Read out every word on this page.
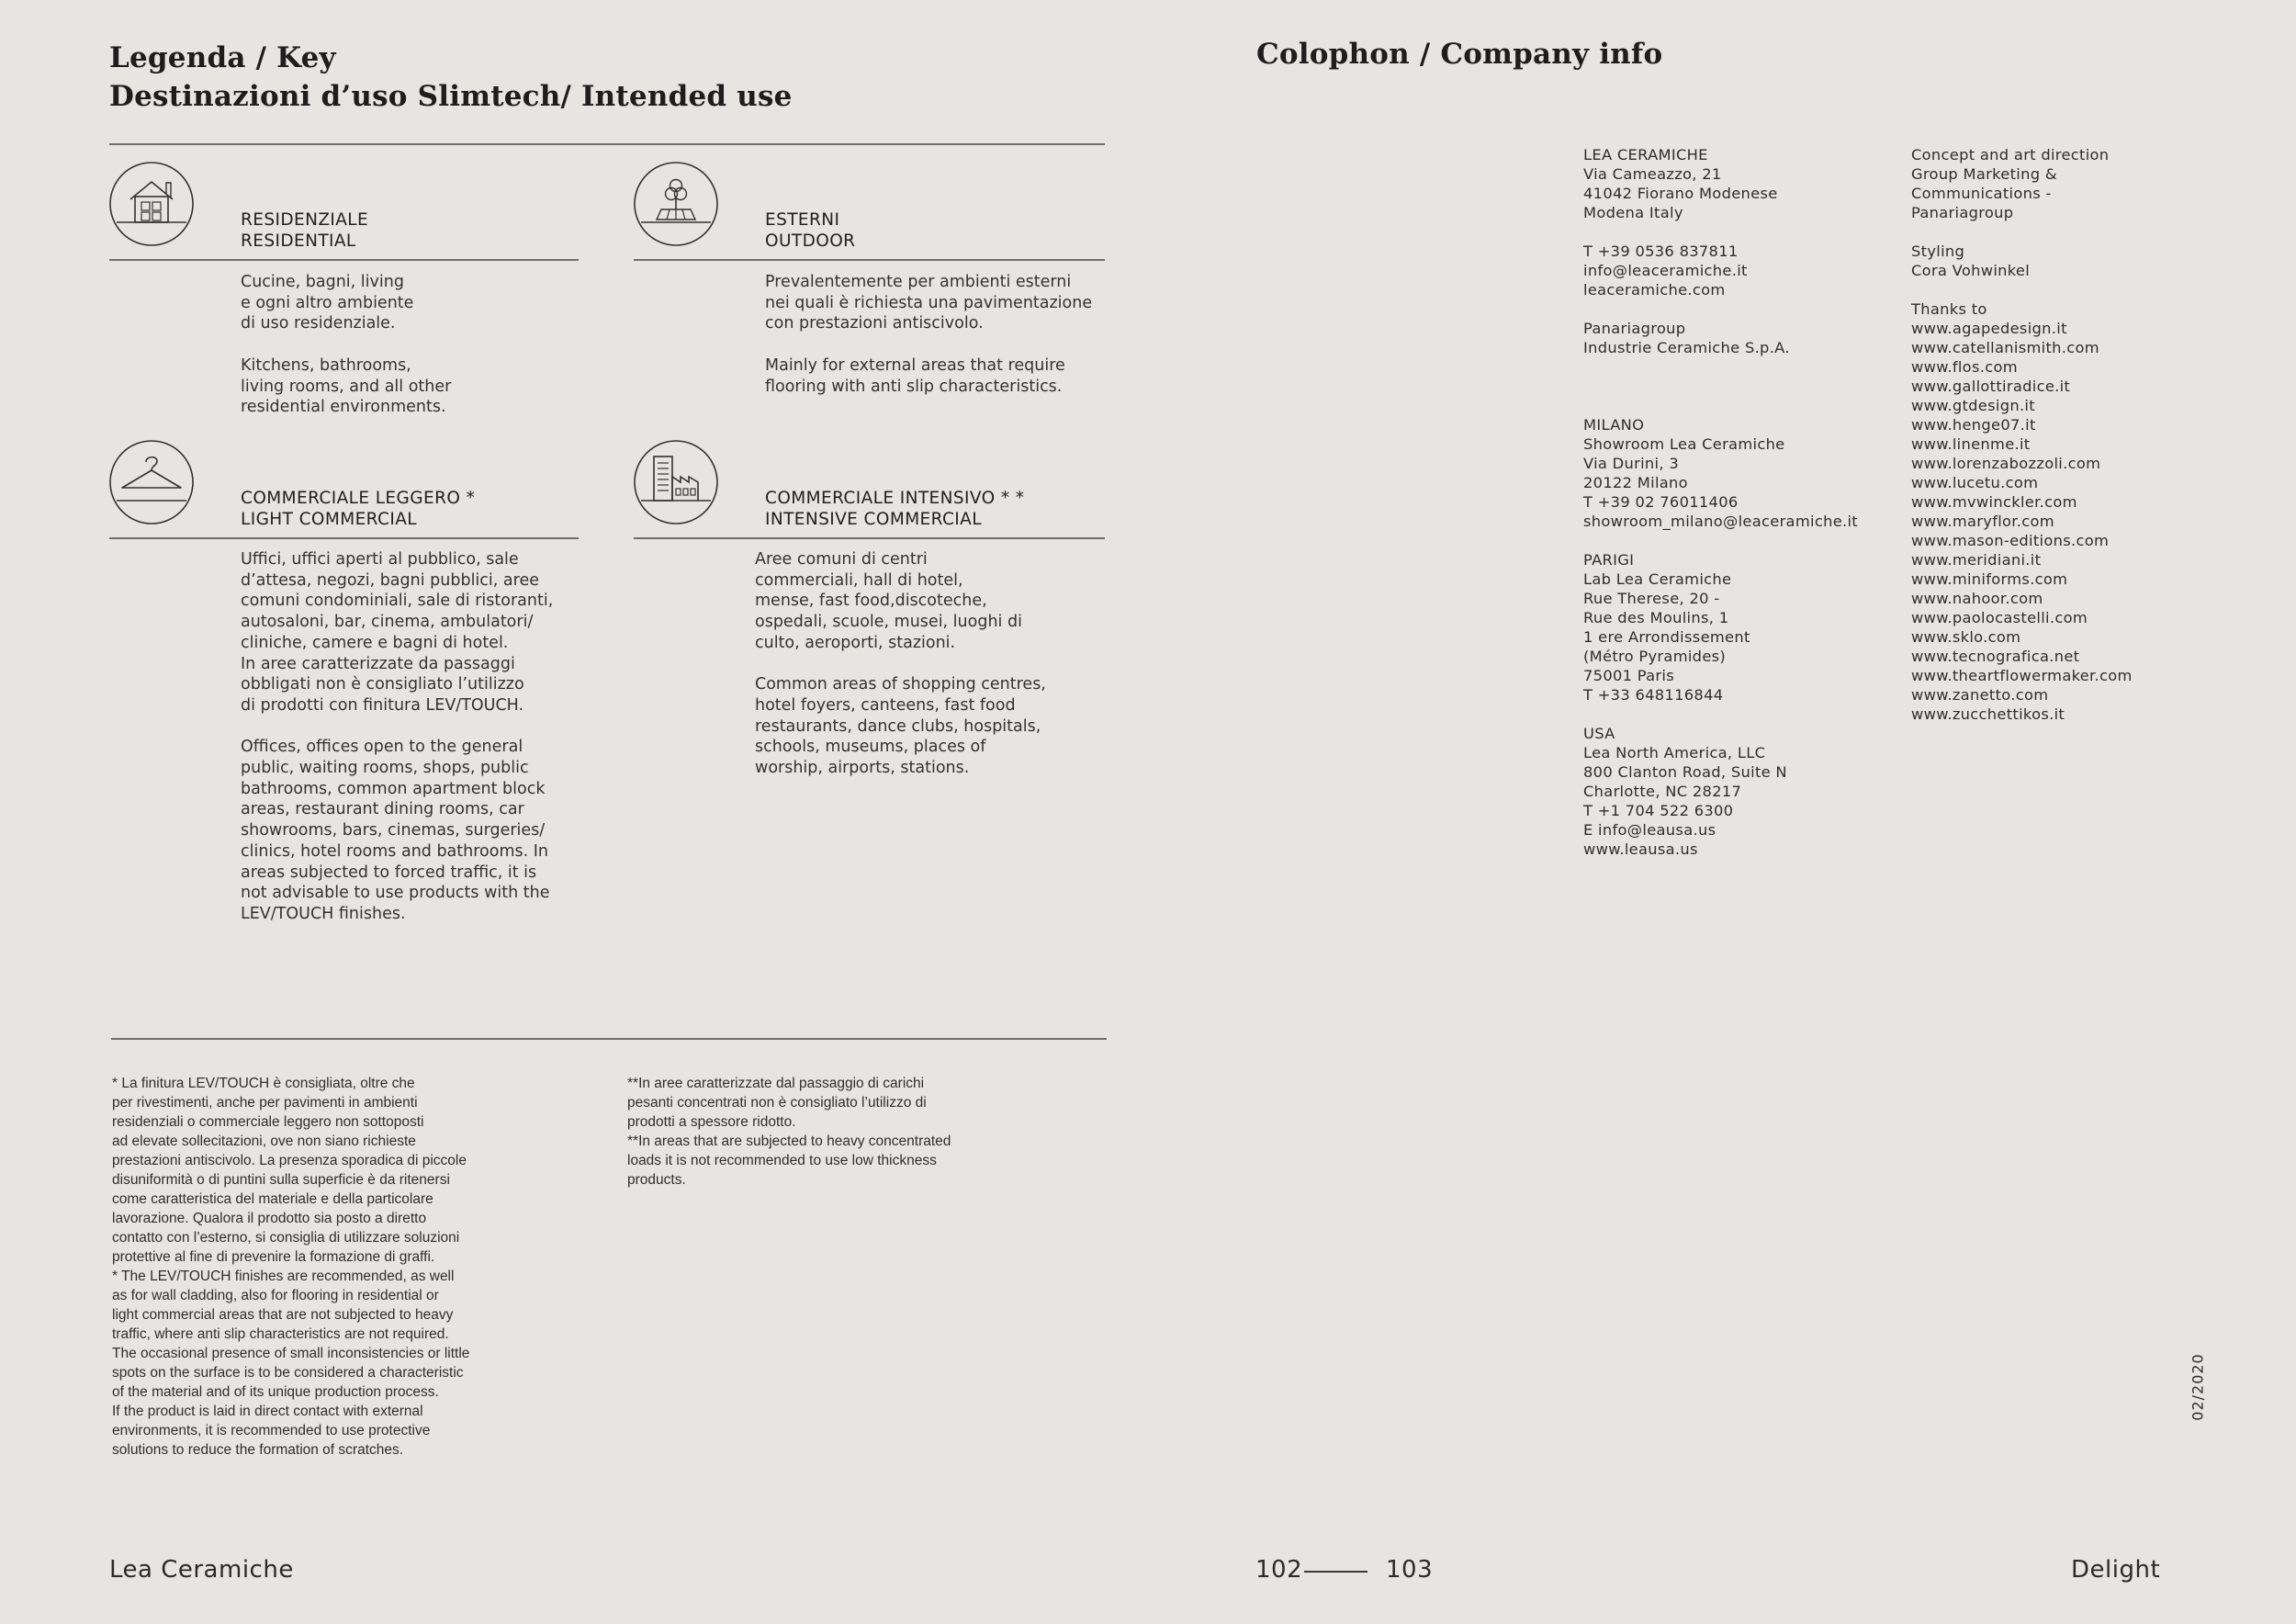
Legenda / Key
Destinazioni d’uso Slimtech/ Intended use
RESIDENZIALE
RESIDENTIAL
Cucine, bagni, living
e ogni altro ambiente
di uso residenziale.
Kitchens, bathrooms,
living rooms, and all other
residential environments.
ESTERNI
OUTDOOR
Prevalentemente per ambienti esterni
nei quali è richiesta una pavimentazione
con prestazioni antiscivolo.
Mainly for external areas that require
flooring with anti slip characteristics.
COMMERCIALE LEGGERO *
LIGHT COMMERCIAL
Uffici, uffici aperti al pubblico, sale
d’attesa, negozi, bagni pubblici, aree
comuni condominiali, sale di ristoranti,
autosaloni, bar, cinema, ambulatori/
cliniche, camere e bagni di hotel.
In aree caratterizzate da passaggi
obbligati non è consigliato l’utilizzo
di prodotti con finitura LEV/TOUCH.
Offices, offices open to the general
public, waiting rooms, shops, public
bathrooms, common apartment block
areas, restaurant dining rooms, car
showrooms, bars, cinemas, surgeries/
clinics, hotel rooms and bathrooms. In
areas subjected to forced traffic, it is
not advisable to use products with the
LEV/TOUCH finishes.
COMMERCIALE INTENSIVO * *
INTENSIVE COMMERCIAL
Aree comuni di centri
commerciali, hall di hotel,
mense, fast food,discoteche,
ospedali, scuole, musei, luoghi di
culto, aeroporti, stazioni.
Common areas of shopping centres,
hotel foyers, canteens, fast food
restaurants, dance clubs, hospitals,
schools, museums, places of
worship, airports, stations.
* La finitura LEV/TOUCH è consigliata, oltre che
per rivestimenti, anche per pavimenti in ambienti
residenziali o commerciale leggero non sottoposti
ad elevate sollecitazioni, ove non siano richieste
prestazioni antiscivolo. La presenza sporadica di piccole
disuniformità o di puntini sulla superficie è da ritenersi
come caratteristica del materiale e della particolare
lavorazione. Qualora il prodotto sia posto a diretto
contatto con l’esterno, si consiglia di utilizzare soluzioni
protettive al fine di prevenire la formazione di graffi.
* The LEV/TOUCH finishes are recommended, as well
as for wall cladding, also for flooring in residential or
light commercial areas that are not subjected to heavy
traffic, where anti slip characteristics are not required.
The occasional presence of small inconsistencies or little
spots on the surface is to be considered a characteristic
of the material and of its unique production process.
If the product is laid in direct contact with external
environments, it is recommended to use protective
solutions to reduce the formation of scratches.
**In aree caratterizzate dal passaggio di carichi
pesanti concentrati non è consigliato l’utilizzo di
prodotti a spessore ridotto.
**In areas that are subjected to heavy concentrated
loads it is not recommended to use low thickness
products.
Colophon / Company info
LEA CERAMICHE
Via Cameazzo, 21
41042 Fiorano Modenese
Modena Italy
T +39 0536 837811
info@leaceramiche.it
leaceramiche.com
Panariagroup
Industrie Ceramiche S.p.A.
MILANO
Showroom Lea Ceramiche
Via Durini, 3
20122 Milano
T +39 02 76011406
showroom_milano@leaceramiche.it
PARIGI
Lab Lea Ceramiche
Rue Therese, 20 -
Rue des Moulins, 1
1 ere Arrondissement
(Métro Pyramides)
75001 Paris
T +33 648116844
USA
Lea North America, LLC
800 Clanton Road, Suite N
Charlotte, NC 28217
T +1 704 522 6300
E info@leausa.us
www.leausa.us
Concept and art direction
Group Marketing &
Communications -
Panariagroup
Styling
Cora Vohwinkel
Thanks to
www.agapedesign.it
www.catellanismith.com
www.flos.com
www.gallottiradice.it
www.gtdesign.it
www.henge07.it
www.linenme.it
www.lorenzabozzoli.com
www.lucetu.com
www.mvwinckler.com
www.maryflor.com
www.mason-editions.com
www.meridiani.it
www.miniforms.com
www.nahoor.com
www.paolocastelli.com
www.sklo.com
www.tecnografica.net
www.theartflowermaker.com
www.zanetto.com
www.zucchettikos.it
02/2020
Lea Ceramiche	102	103	Delight
